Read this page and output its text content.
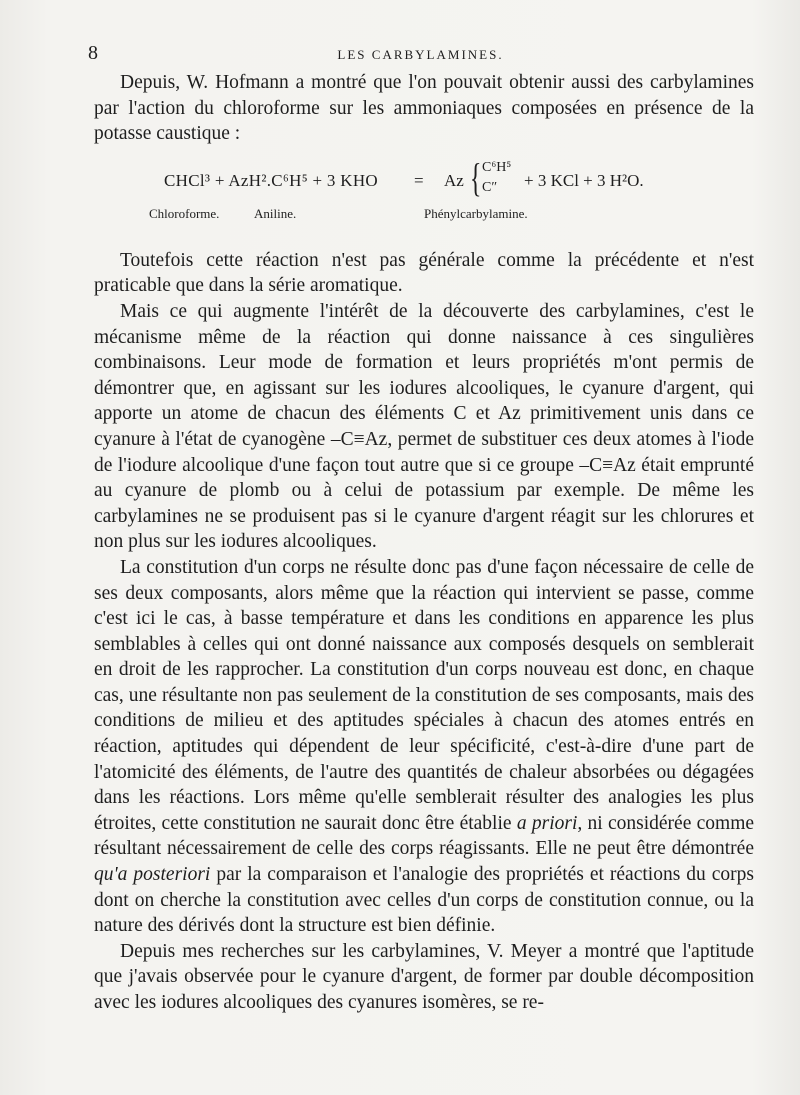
8	LES CARBYLAMINES.

Depuis, W. Hofmann a montré que l'on pouvait obtenir aussi des carbylamines par l'action du chloroforme sur les ammoniaques composées en présence de la potasse caustique :

CHCl³ + AzH².C⁶H⁵ + 3 KHO = Az { C⁶H⁵
C″ + 3 KCl + 3 H²O.
Chloroforme.	Aniline.	Phénylcarbylamine.

Toutefois cette réaction n'est pas générale comme la précédente et n'est praticable que dans la série aromatique.

Mais ce qui augmente l'intérêt de la découverte des carbylamines, c'est le mécanisme même de la réaction qui donne naissance à ces singulières combinaisons. Leur mode de formation et leurs propriétés m'ont permis de démontrer que, en agissant sur les iodures alcooliques, le cyanure d'argent, qui apporte un atome de chacun des éléments C et Az primitivement unis dans ce cyanure à l'état de cyanogène –C≡Az, permet de substituer ces deux atomes à l'iode de l'iodure alcoolique d'une façon tout autre que si ce groupe –C≡Az était emprunté au cyanure de plomb ou à celui de potassium par exemple. De même les carbylamines ne se produisent pas si le cyanure d'argent réagit sur les chlorures et non plus sur les iodures alcooliques.

La constitution d'un corps ne résulte donc pas d'une façon nécessaire de celle de ses deux composants, alors même que la réaction qui intervient se passe, comme c'est ici le cas, à basse température et dans les conditions en apparence les plus semblables à celles qui ont donné naissance aux composés desquels on semblerait en droit de les rapprocher. La constitution d'un corps nouveau est donc, en chaque cas, une résultante non pas seulement de la constitution de ses composants, mais des conditions de milieu et des aptitudes spéciales à chacun des atomes entrés en réaction, aptitudes qui dépendent de leur spécificité, c'est-à-dire d'une part de l'atomicité des éléments, de l'autre des quantités de chaleur absorbées ou dégagées dans les réactions. Lors même qu'elle semblerait résulter des analogies les plus étroites, cette constitution ne saurait donc être établie a priori, ni considérée comme résultant nécessairement de celle des corps réagissants. Elle ne peut être démontrée qu'a posteriori par la comparaison et l'analogie des propriétés et réactions du corps dont on cherche la constitution avec celles d'un corps de constitution connue, ou la nature des dérivés dont la structure est bien définie.

Depuis mes recherches sur les carbylamines, V. Meyer a montré que l'aptitude que j'avais observée pour le cyanure d'argent, de former par double décomposition avec les iodures alcooliques des cyanures isomères, se re-
